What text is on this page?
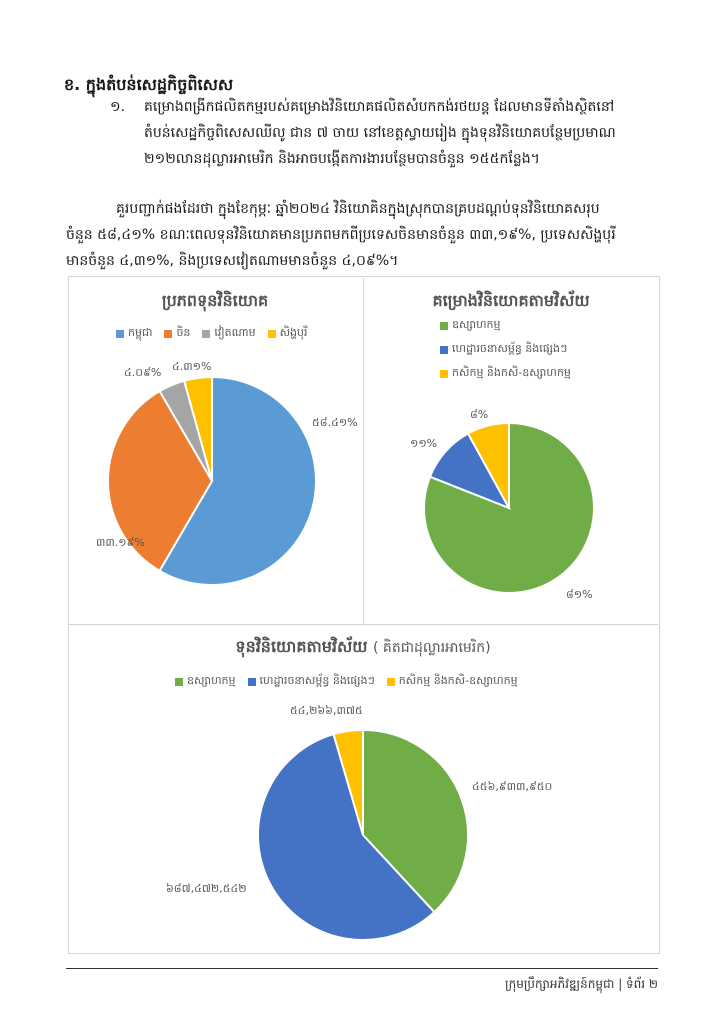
ខ. ក្នុងតំបន់សេដ្ឋកិច្ចពិសេស
១.	គម្រោងពង្រីកផលិតកម្មរបស់គម្រោងវិនិយោគផលិតសំបកកង់រថយន្ត ដែលមានទីតាំងស្ថិតនៅ
តំបន់សេដ្ឋកិច្ចពិសេសឈីលូ ជាន ៧ ចាយ នៅខេត្តស្វាយរៀង ក្នុងទុនវិនិយោគបន្ថែមប្រមាណ
២១២លានដុល្លារអាមេរិក និងអាចបង្កើតការងារបន្ថែមបានចំនួន ១៥៥កន្លែង។
គួរបញ្ជាក់ផងដែរថា ក្នុងខែកុម្ភៈ ឆ្នាំ២០២៤ វិនិយោគិនក្នុងស្រុកបានគ្របដណ្តប់ទុនវិនិយោគសរុប
ចំនួន ៥៨,៤១% ខណៈពេលទុនវិនិយោគមានប្រភពមកពីប្រទេសចិនមានចំនួន ៣៣,១៩%, ប្រទេសសិង្ហបុរី
មានចំនួន ៤,៣១%, និងប្រទេសវៀតណាមមានចំនួន ៤,០៩%។
ប្រភពទុនវិនិយោគ
កម្ពុជា ចិន វៀតណាម សិង្ហបុរី
៥៨.៤១%
៣៣.១៩%
៤.០៩% ៤.៣១%
គម្រោងវិនិយោគតាមវិស័យ
ឧស្សាហកម្ម
ហេដ្ឋារចនាសម្ព័ន្ធ និងផ្សេងៗ
កសិកម្ម និងកសិ-ឧស្សាហកម្ម
៨១%
១១%
៨%
ទុនវិនិយោគតាមវិស័យ ( គិតជាដុល្លារអាមេរិក)
ឧស្សាហកម្ម ហេដ្ឋារចនាសម្ព័ន្ធ និងផ្សេងៗ កសិកម្ម និងកសិ-ឧស្សាហកម្ម
៤៥៦,៩៣៣,៩៥០
៦៨៧,៤៧២,៥៤២
៥៤,២៦៦,៣៧៥
ក្រុមប្រឹក្សាអភិវឌ្ឍន៍កម្ពុជា | ទំព័រ ២
